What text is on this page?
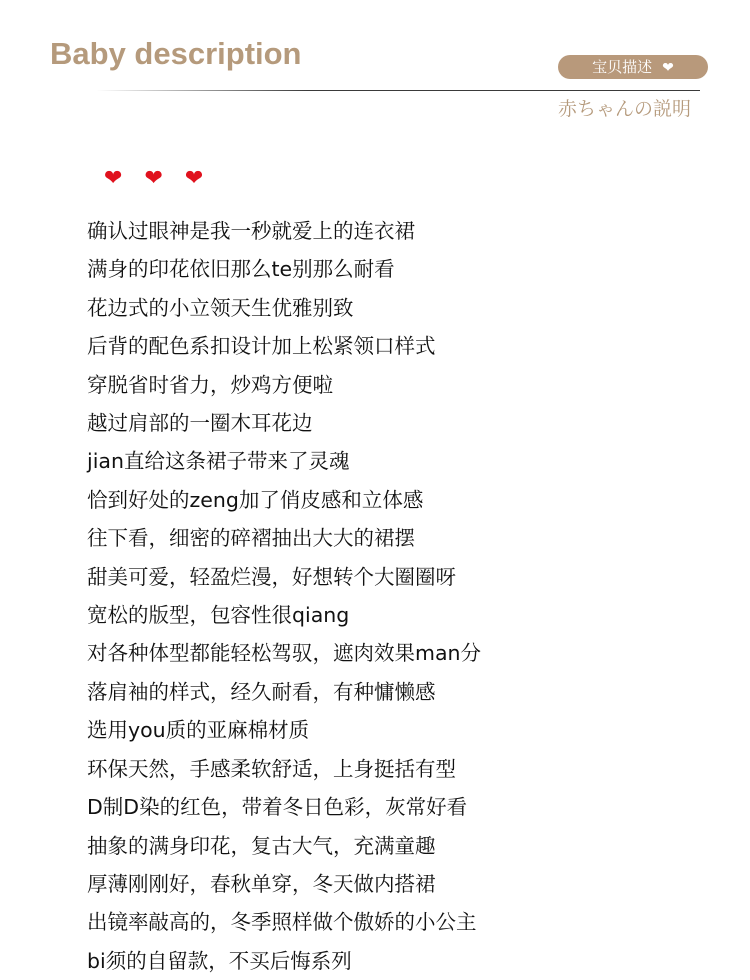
Baby description	宝贝描述 ❤
赤ちゃんの説明
❤ ❤ ❤
确认过眼神是我一秒就爱上的连衣裙
满身的印花依旧那么te别那么耐看
花边式的小立领天生优雅别致
后背的配色系扣设计加上松紧领口样式
穿脱省时省力，炒鸡方便啦
越过肩部的一圈木耳花边
jian直给这条裙子带来了灵魂
恰到好处的zeng加了俏皮感和立体感
往下看，细密的碎褶抽出大大的裙摆
甜美可爱，轻盈烂漫，好想转个大圈圈呀
宽松的版型，包容性很qiang
对各种体型都能轻松驾驭，遮肉效果man分
落肩袖的样式，经久耐看，有种慵懒感
选用you质的亚麻棉材质
环保天然，手感柔软舒适，上身挺括有型
D制D染的红色，带着冬日色彩，灰常好看
抽象的满身印花，复古大气，充满童趣
厚薄刚刚好，春秋单穿，冬天做内搭裙
出镜率敲高的，冬季照样做个傲娇的小公主
bi须的自留款，不买后悔系列
